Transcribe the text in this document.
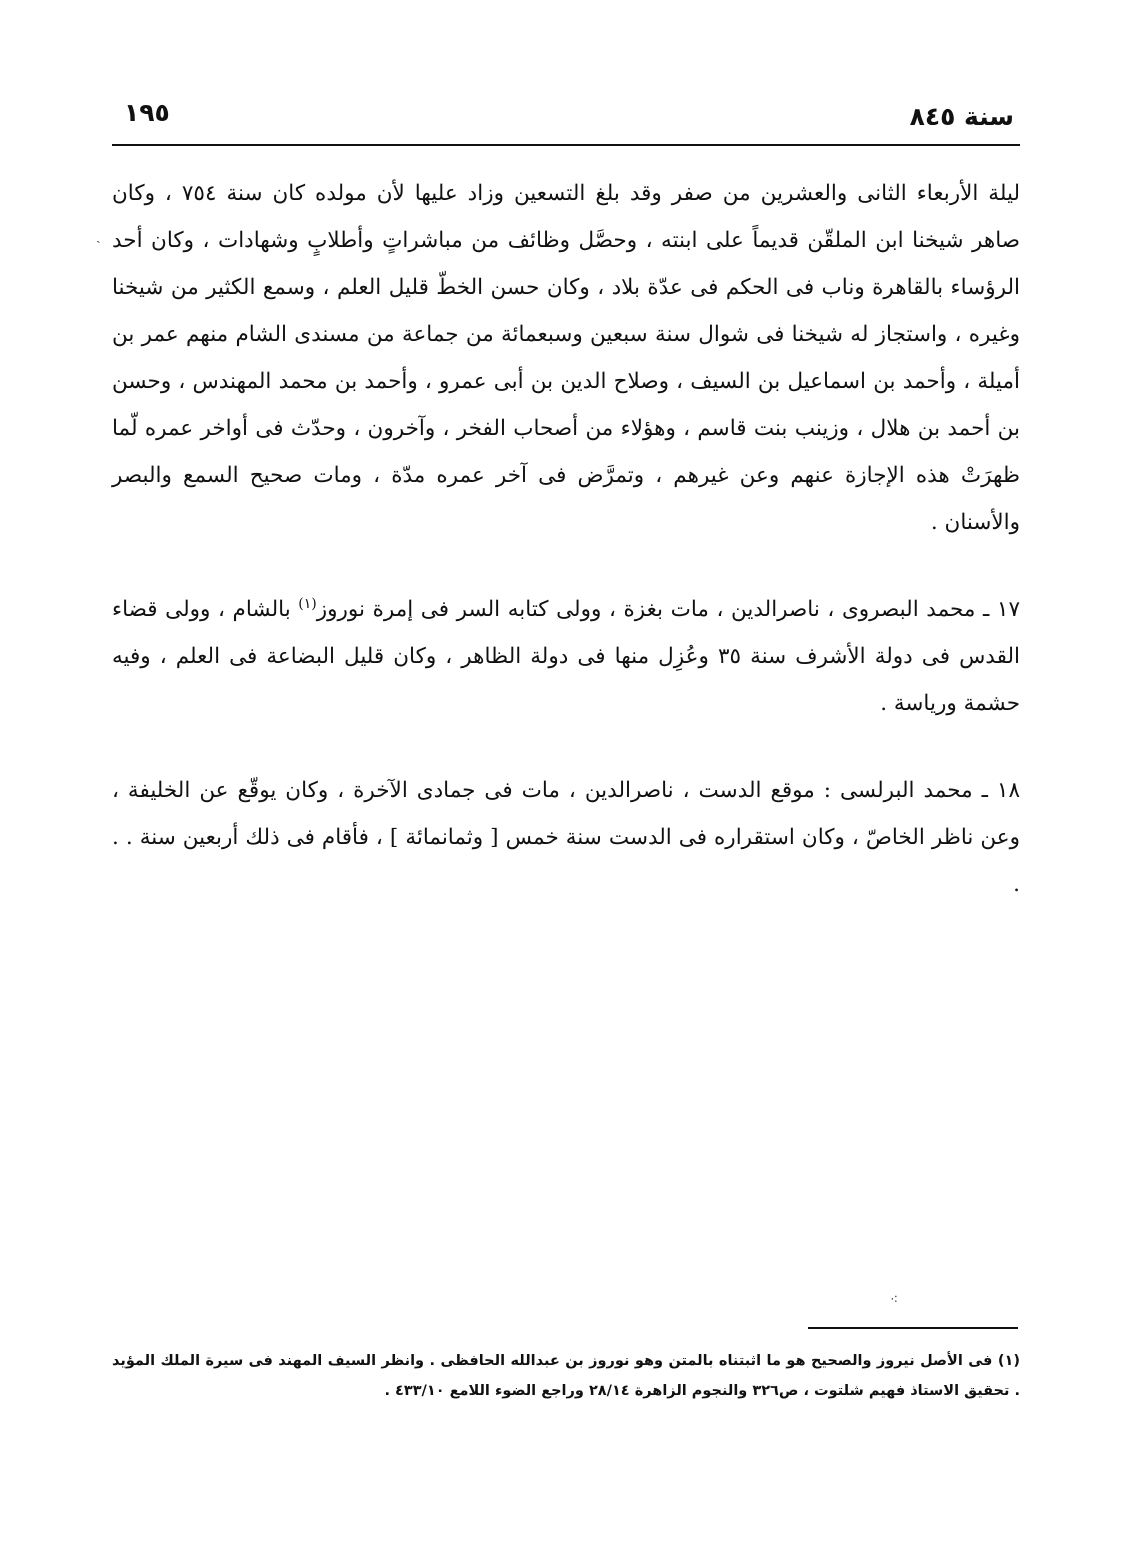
سنة ٨٤٥
١٩٥

ليلة الأربعاء الثانى والعشرين من صفر وقد بلغ التسعين وزاد عليها لأن مولده كان سنة ٧٥٤ ، وكان صاهر شيخنا ابن الملقّن قديماً على ابنته ، وحصَّل وظائف من مباشراتٍ وأطلابٍ وشهادات ، وكان أحد الرؤساء بالقاهرة وناب فى الحكم فى عدّة بلاد ، وكان حسن الخطّ قليل العلم ، وسمع الكثير من شيخنا وغيره ، واستجاز له شيخنا فى شوال سنة سبعين وسبعمائة من جماعة من مسندى الشام منهم عمر بن أميلة ، وأحمد بن اسماعيل بن السيف ، وصلاح الدين بن أبى عمرو ، وأحمد بن محمد المهندس ، وحسن بن أحمد بن هلال ، وزينب بنت قاسم ، وهؤلاء من أصحاب الفخر ، وآخرون ، وحدّث فى أواخر عمره لّما ظهرَتْ هذه الإجازة عنهم وعن غيرهم ، وتمرَّض فى آخر عمره مدّة ، ومات صحيح السمع والبصر والأسنان .

١٧ ـ محمد البصروى ، ناصرالدين ، مات بغزة ، وولى كتابه السر فى إمرة نوروز$^{(١)}$ بالشام ، وولى قضاء القدس فى دولة الأشرف سنة ٣٥ وعُزِل منها فى دولة الظاهر ، وكان قليل البضاعة فى العلم ، وفيه حشمة ورياسة .

١٨ ـ محمد البرلسى : موقع الدست ، ناصرالدين ، مات فى جمادى الآخرة ، وكان يوقّع عن الخليفة ، وعن ناظر الخاصّ ، وكان استقراره فى الدست سنة خمس [ وثمانمائة ] ، فأقام فى ذلك أربعين سنة . . .

⁖
ˎ

(١) فى الأصل نيروز والصحيح هو ما اثبتناه بالمتن وهو نوروز بن عبدالله الحافظى . وانظر السيف المهند فى سيرة الملك المؤيد . تحقيق الاستاذ فهيم شلتوت ، ص٣٢٦ والنجوم الزاهرة ٢٨/١٤ وراجع الضوء اللامع ٤٣٣/١٠ .
